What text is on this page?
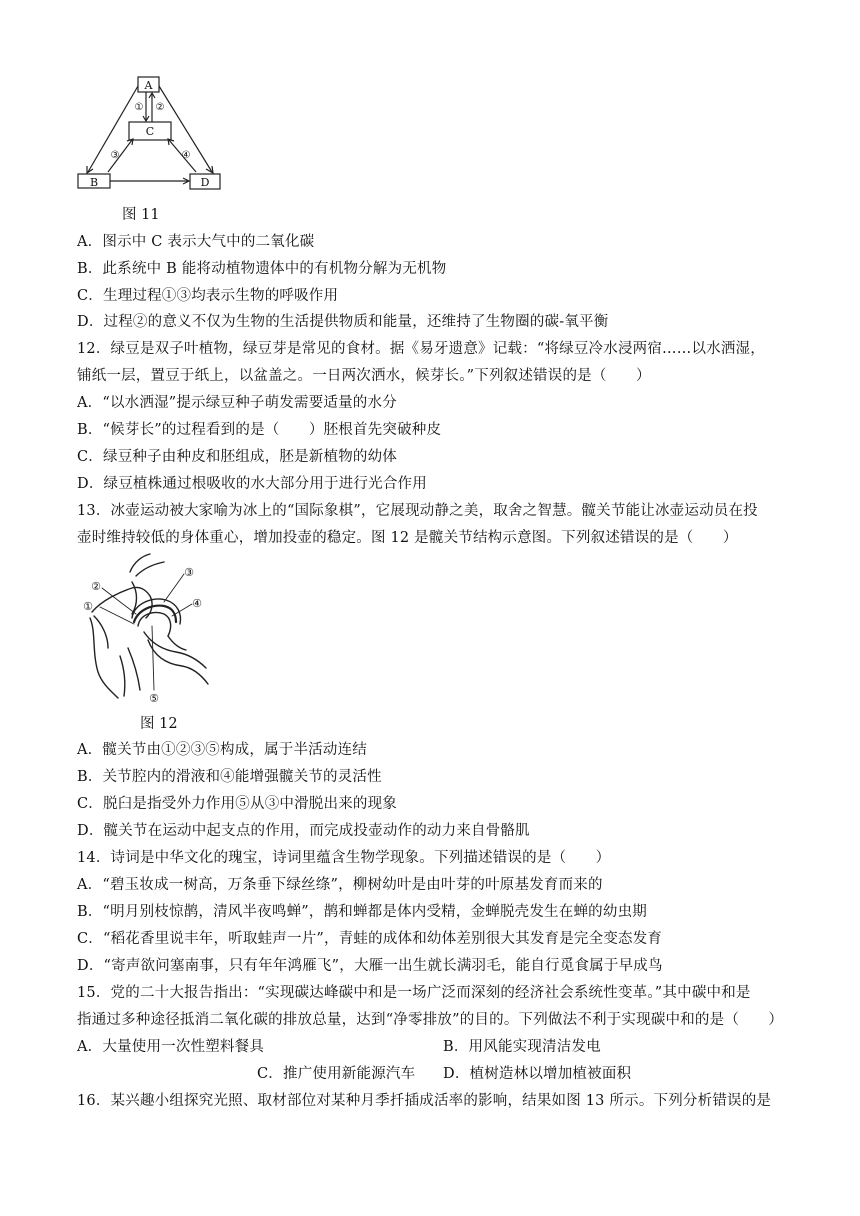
A
C
B	D
① ②
③	④
图 11
A．图示中 C 表示大气中的二氧化碳
B．此系统中 B 能将动植物遗体中的有机物分解为无机物
C．生理过程①③均表示生物的呼吸作用
D．过程②的意义不仅为生物的生活提供物质和能量，还维持了生物圈的碳-氧平衡
12．绿豆是双子叶植物，绿豆芽是常见的食材。据《易牙遗意》记载：“将绿豆冷水浸两宿……以水洒湿，
铺纸一层，置豆于纸上，以盆盖之。一日两次洒水，候芽长。”下列叙述错误的是（　　）
A．“以水洒湿”提示绿豆种子萌发需要适量的水分
B．“候芽长”的过程看到的是（　　）胚根首先突破种皮
C．绿豆种子由种皮和胚组成，胚是新植物的幼体
D．绿豆植株通过根吸收的水大部分用于进行光合作用
13．冰壶运动被大家喻为冰上的“国际象棋”，它展现动静之美，取舍之智慧。髋关节能让冰壶运动员在投
壶时维持较低的身体重心，增加投壶的稳定。图 12 是髋关节结构示意图。下列叙述错误的是（　　）
②
①
③
④
⑤
图 12
A．髋关节由①②③⑤构成，属于半活动连结
B．关节腔内的滑液和④能增强髋关节的灵活性
C．脱臼是指受外力作用⑤从③中滑脱出来的现象
D．髋关节在运动中起支点的作用，而完成投壶动作的动力来自骨骼肌
14．诗词是中华文化的瑰宝，诗词里蕴含生物学现象。下列描述错误的是（　　）
A．“碧玉妆成一树高，万条垂下绿丝绦”，柳树幼叶是由叶芽的叶原基发育而来的
B．“明月别枝惊鹊，清风半夜鸣蝉”，鹊和蝉都是体内受精，金蝉脱壳发生在蝉的幼虫期
C．“稻花香里说丰年，听取蛙声一片”，青蛙的成体和幼体差别很大其发育是完全变态发育
D．“寄声欲问塞南事，只有年年鸿雁飞”，大雁一出生就长满羽毛，能自行觅食属于早成鸟
15．党的二十大报告指出：“实现碳达峰碳中和是一场广泛而深刻的经济社会系统性变革。”其中碳中和是
指通过多种途径抵消二氧化碳的排放总量，达到“净零排放”的目的。下列做法不利于实现碳中和的是（　　）
A．大量使用一次性塑料餐具	B．用风能实现清洁发电
C．推广使用新能源汽车 D．植树造林以增加植被面积
16．某兴趣小组探究光照、取材部位对某种月季扦插成活率的影响，结果如图 13 所示。下列分析错误的是
